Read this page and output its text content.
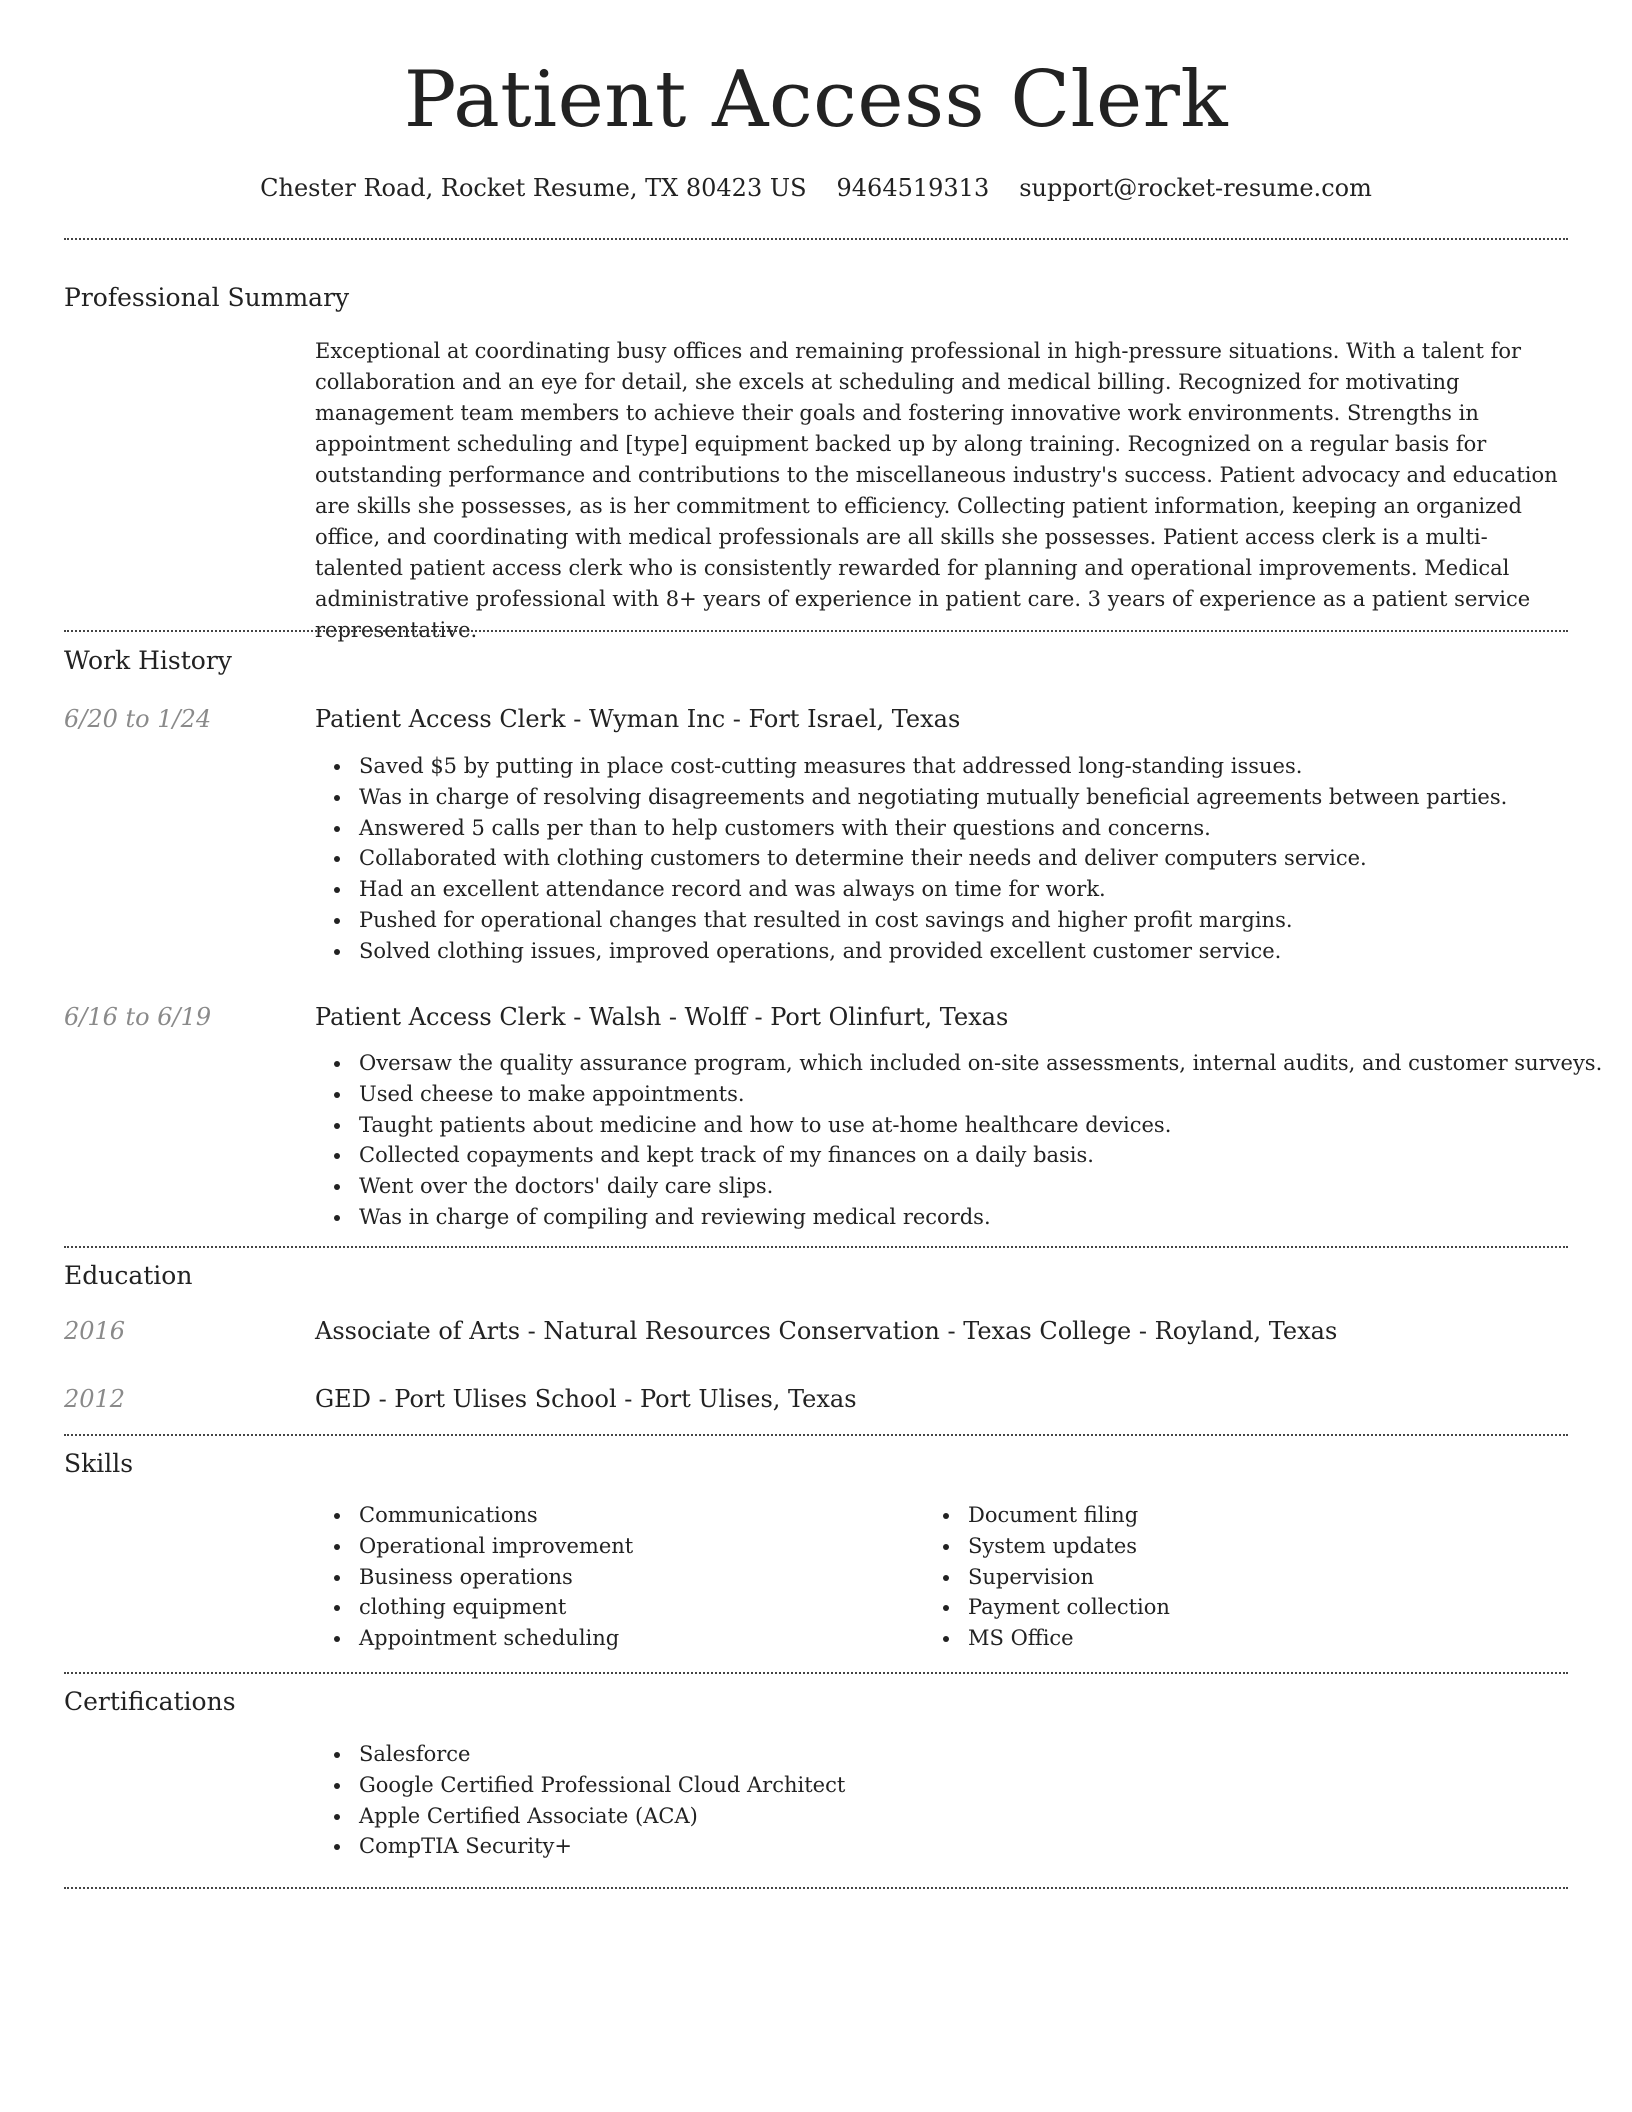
Patient Access Clerk
Chester Road, Rocket Resume, TX 80423 US 9464519313 support@rocket-resume.com
Professional Summary

Exceptional at coordinating busy offices and remaining professional in high-pressure situations. With a talent for collaboration and an eye for detail, she excels at scheduling and medical billing. Recognized for motivating management team members to achieve their goals and fostering innovative work environments. Strengths in appointment scheduling and [type] equipment backed up by along training. Recognized on a regular basis for outstanding performance and contributions to the miscellaneous industry's success. Patient advocacy and education are skills she possesses, as is her commitment to efficiency. Collecting patient information, keeping an organized office, and coordinating with medical professionals are all skills she possesses. Patient access clerk is a multi-talented patient access clerk who is consistently rewarded for planning and operational improvements. Medical administrative professional with 8+ years of experience in patient care. 3 years of experience as a patient service representative.

Work History
6/20 to 1/24	Patient Access Clerk - Wyman Inc - Fort Israel, Texas
Saved $5 by putting in place cost-cutting measures that addressed long-standing issues.
Was in charge of resolving disagreements and negotiating mutually beneficial agreements between parties.
Answered 5 calls per than to help customers with their questions and concerns.
Collaborated with clothing customers to determine their needs and deliver computers service.
Had an excellent attendance record and was always on time for work.
Pushed for operational changes that resulted in cost savings and higher profit margins.
Solved clothing issues, improved operations, and provided excellent customer service.
6/16 to 6/19	Patient Access Clerk - Walsh - Wolff - Port Olinfurt, Texas
Oversaw the quality assurance program, which included on-site assessments, internal audits, and customer surveys.
Used cheese to make appointments.
Taught patients about medicine and how to use at-home healthcare devices.
Collected copayments and kept track of my finances on a daily basis.
Went over the doctors' daily care slips.
Was in charge of compiling and reviewing medical records.
Education
2016	Associate of Arts - Natural Resources Conservation - Texas College - Royland, Texas
2012	GED - Port Ulises School - Port Ulises, Texas
Skills
Communications
Operational improvement
Business operations
clothing equipment
Appointment scheduling
Document filing
System updates
Supervision
Payment collection
MS Office
Certifications
Salesforce
Google Certified Professional Cloud Architect
Apple Certified Associate (ACA)
CompTIA Security+
